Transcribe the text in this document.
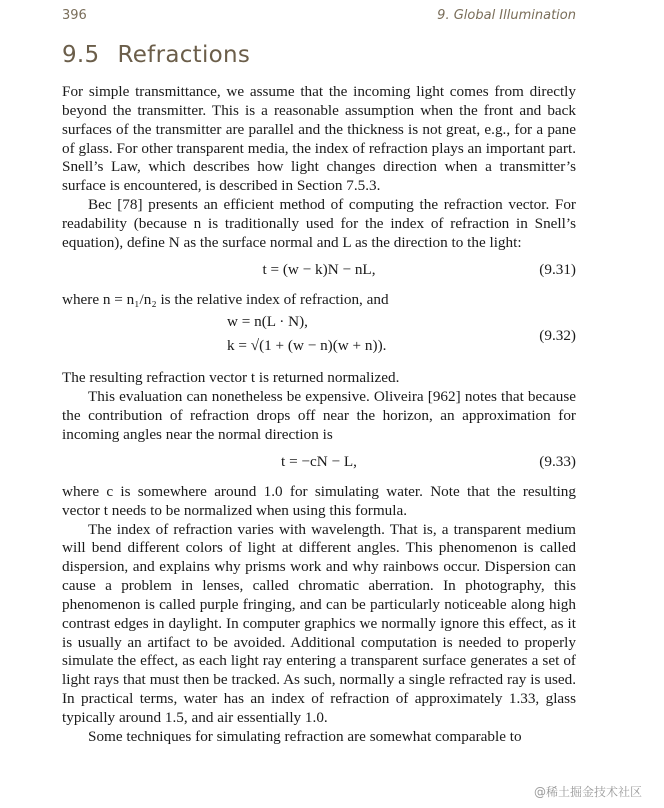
396	9. Global Illumination
9.5 Refractions

For simple transmittance, we assume that the incoming light comes from directly beyond the transmitter. This is a reasonable assumption when the front and back surfaces of the transmitter are parallel and the thickness is not great, e.g., for a pane of glass. For other transparent media, the index of refraction plays an important part. Snell’s Law, which describes how light changes direction when a transmitter’s surface is encountered, is described in Section 7.5.3.

Bec [78] presents an efficient method of computing the refraction vector. For readability (because n is traditionally used for the index of refraction in Snell’s equation), define N as the surface normal and L as the direction to the light:

t = (w − k)N − nL,	(9.31)

where n = n₁/n₂ is the relative index of refraction, and

w = n(L · N),
k = √(1 + (w − n)(w + n)).
(9.32)

The resulting refraction vector t is returned normalized.

This evaluation can nonetheless be expensive. Oliveira [962] notes that because the contribution of refraction drops off near the horizon, an approximation for incoming angles near the normal direction is

t = −cN − L,	(9.33)

where c is somewhere around 1.0 for simulating water. Note that the resulting vector t needs to be normalized when using this formula.

The index of refraction varies with wavelength. That is, a transparent medium will bend different colors of light at different angles. This phenomenon is called dispersion, and explains why prisms work and why rainbows occur. Dispersion can cause a problem in lenses, called chromatic aberration. In photography, this phenomenon is called purple fringing, and can be particularly noticeable along high contrast edges in daylight. In computer graphics we normally ignore this effect, as it is usually an artifact to be avoided. Additional computation is needed to properly simulate the effect, as each light ray entering a transparent surface generates a set of light rays that must then be tracked. As such, normally a single refracted ray is used. In practical terms, water has an index of refraction of approximately 1.33, glass typically around 1.5, and air essentially 1.0.

Some techniques for simulating refraction are somewhat comparable to

@稀土掘金技术社区
